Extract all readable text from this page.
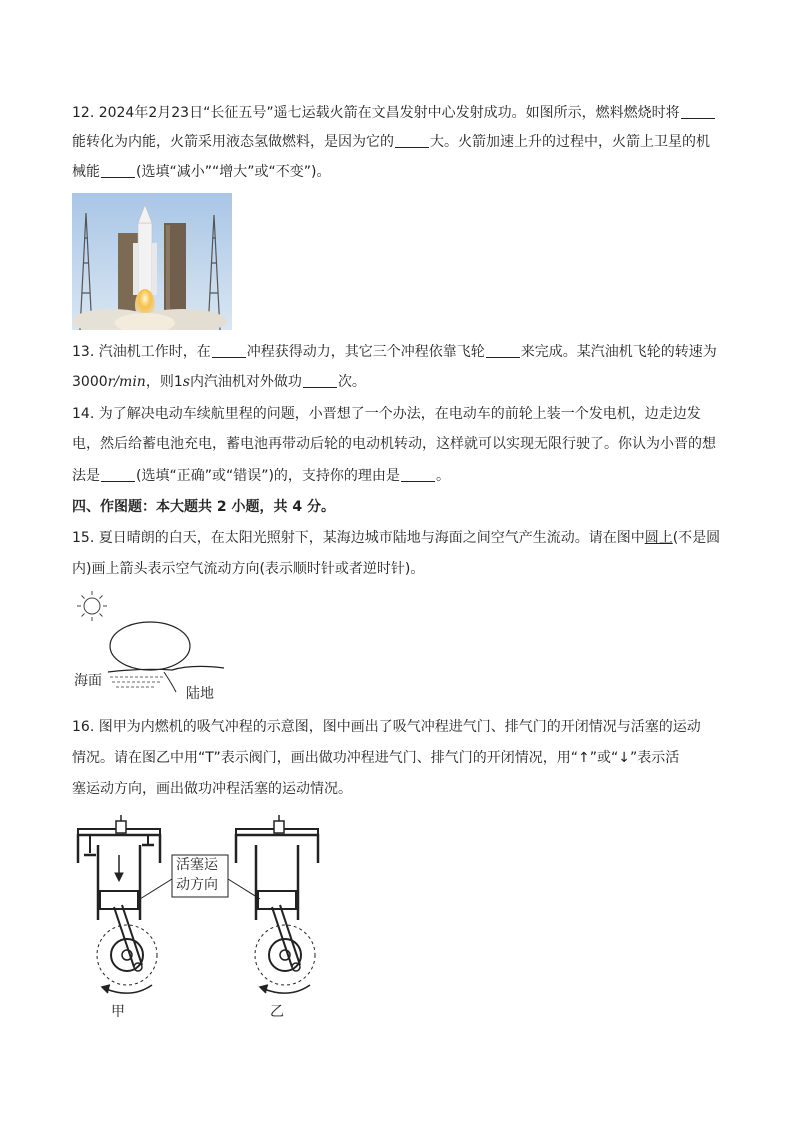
12. 2024年2月23日“长征五号”遥七运载火箭在文昌发射中心发射成功。如图所示，燃料燃烧时将
能转化为内能，火箭采用液态氢做燃料，是因为它的	大。火箭加速上升的过程中，火箭上卫星的机
械能	(选填“减小”“增大”或“不变”)。
13. 汽油机工作时，在	冲程获得动力，其它三个冲程依靠飞轮	来完成。某汽油机飞轮的转速为
3000r/min，则1s内汽油机对外做功	次。
14. 为了解决电动车续航里程的问题，小晋想了一个办法，在电动车的前轮上装一个发电机，边走边发
电，然后给蓄电池充电，蓄电池再带动后轮的电动机转动，这样就可以实现无限行驶了。你认为小晋的想
法是	(选填“正确”或“错误”)的，支持你的理由是	。
四、作图题：本大题共 2 小题，共 4 分。
15. 夏日晴朗的白天，在太阳光照射下，某海边城市陆地与海面之间空气产生流动。请在图中圆上(不是圆
内)画上箭头表示空气流动方向(表示顺时针或者逆时针)。
海面
陆地
16. 图甲为内燃机的吸气冲程的示意图，图中画出了吸气冲程进气门、排气门的开闭情况与活塞的运动
情况。请在图乙中用“T”表示阀门，画出做功冲程进气门、排气门的开闭情况，用“↑”或“↓”表示活
塞运动方向，画出做功冲程活塞的运动情况。
活塞运
动方向
甲	乙
